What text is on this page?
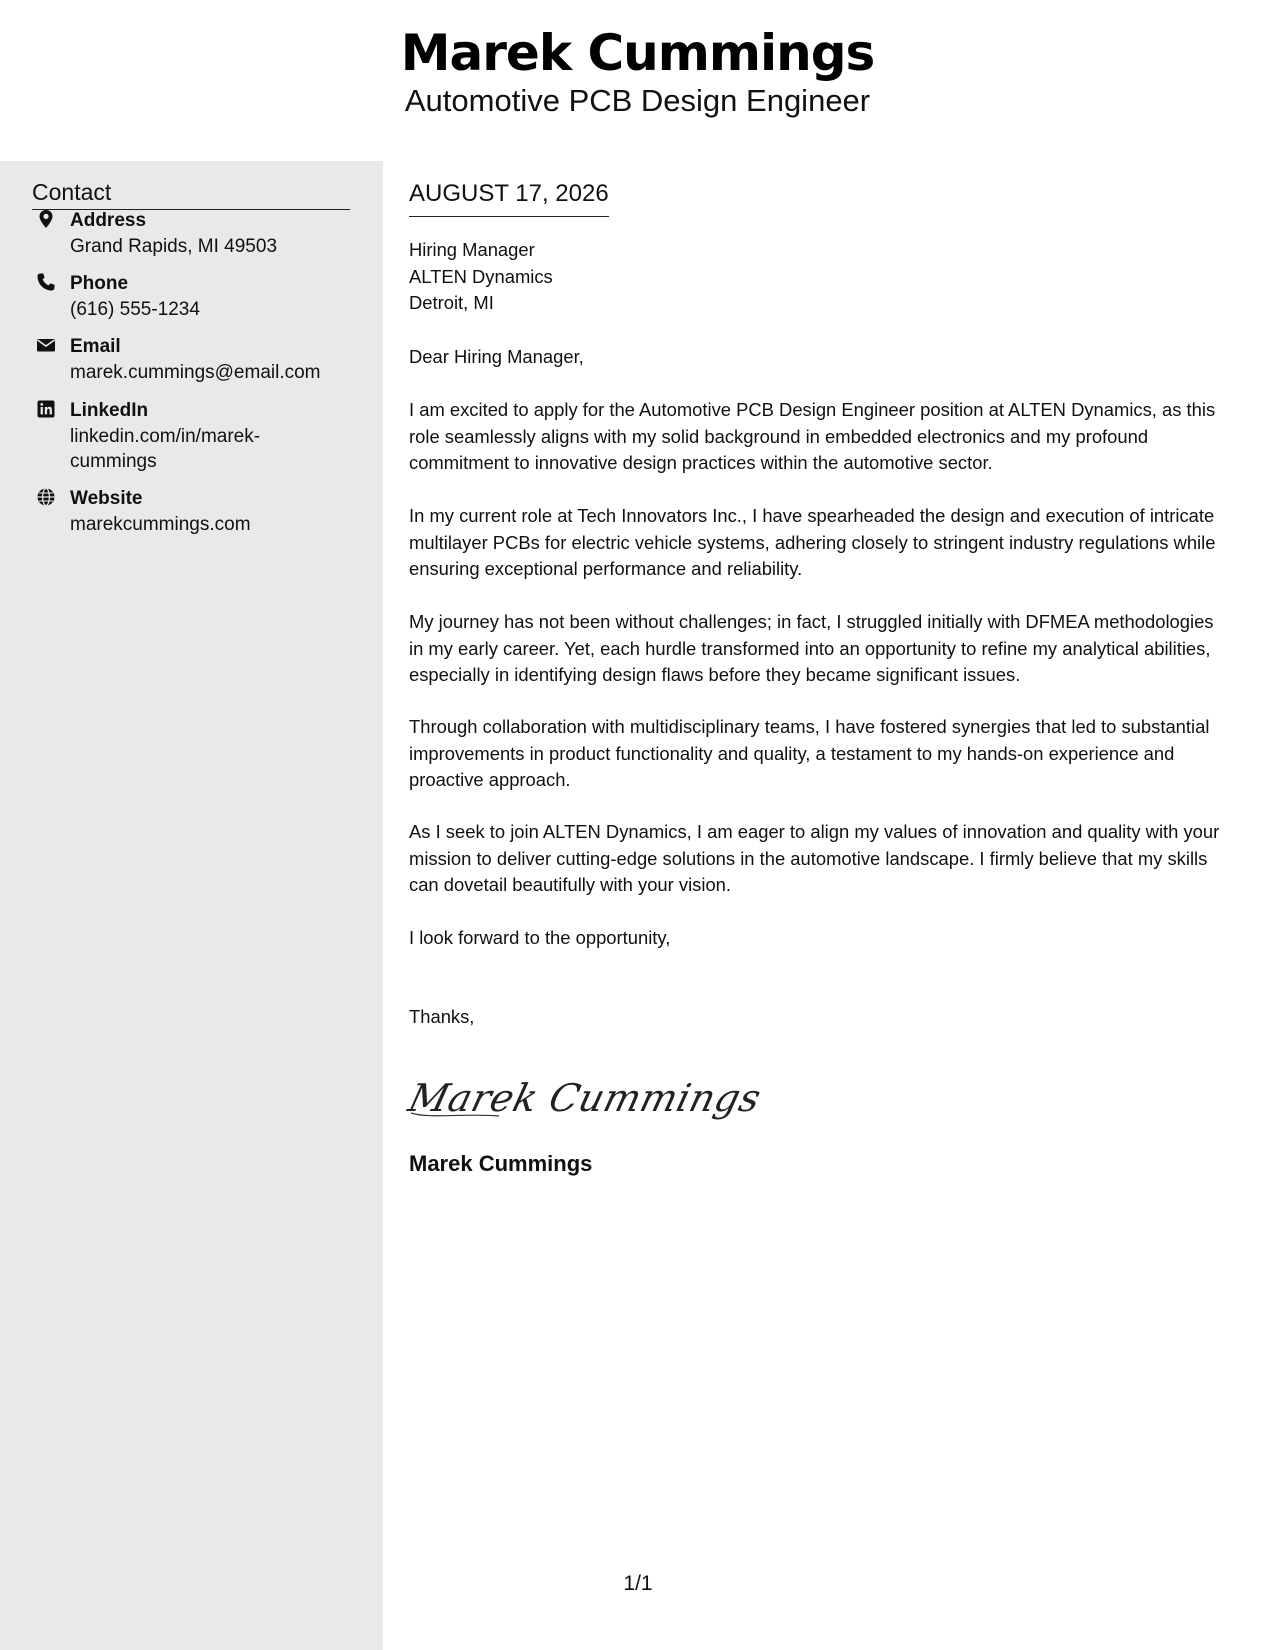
Marek Cummings
Automotive PCB Design Engineer
Contact
Address
Grand Rapids, MI 49503
Phone
(616) 555-1234
Email
marek.cummings@email.com
LinkedIn
linkedin.com/in/marek-
cummings
Website
marekcummings.com
AUGUST 17, 2026
Hiring Manager
ALTEN Dynamics
Detroit, MI
Dear Hiring Manager,
I am excited to apply for the Automotive PCB Design Engineer position at ALTEN Dynamics, as this
role seamlessly aligns with my solid background in embedded electronics and my profound
commitment to innovative design practices within the automotive sector.
In my current role at Tech Innovators Inc., I have spearheaded the design and execution of intricate
multilayer PCBs for electric vehicle systems, adhering closely to stringent industry regulations while
ensuring exceptional performance and reliability.
My journey has not been without challenges; in fact, I struggled initially with DFMEA methodologies
in my early career. Yet, each hurdle transformed into an opportunity to refine my analytical abilities,
especially in identifying design flaws before they became significant issues.
Through collaboration with multidisciplinary teams, I have fostered synergies that led to substantial
improvements in product functionality and quality, a testament to my hands-on experience and
proactive approach.
As I seek to join ALTEN Dynamics, I am eager to align my values of innovation and quality with your
mission to deliver cutting-edge solutions in the automotive landscape. I firmly believe that my skills
can dovetail beautifully with your vision.
I look forward to the opportunity,
Thanks,
Marek Cummings
Marek Cummings
1/1
